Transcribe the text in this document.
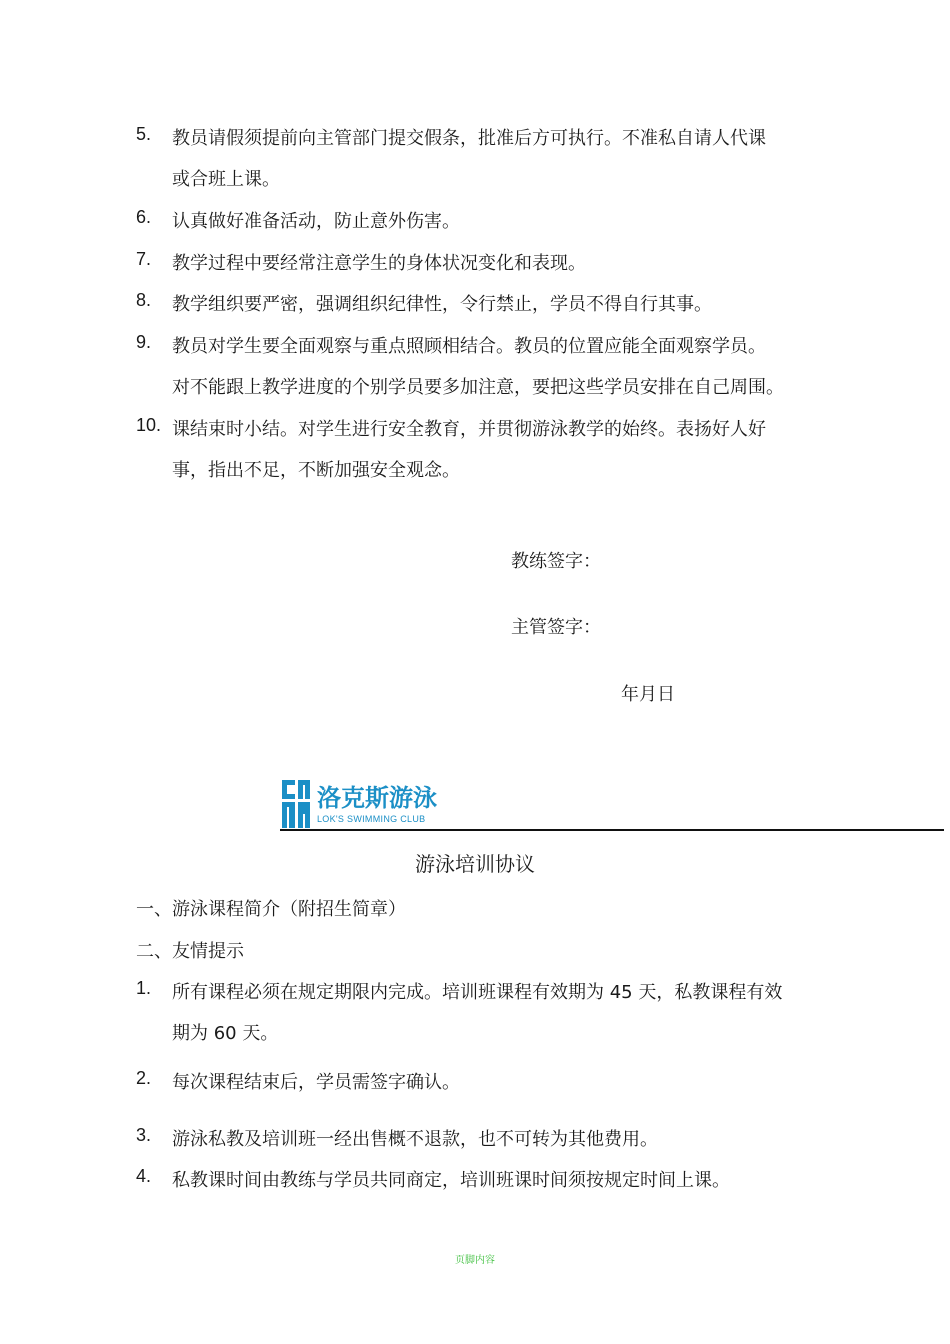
5. 教员请假须提前向主管部门提交假条，批准后方可执行。不准私自请人代课
或合班上课。
6. 认真做好准备活动，防止意外伤害。
7. 教学过程中要经常注意学生的身体状况变化和表现。
8. 教学组织要严密，强调组织纪律性，令行禁止，学员不得自行其事。
9. 教员对学生要全面观察与重点照顾相结合。教员的位置应能全面观察学员。
对不能跟上教学进度的个别学员要多加注意，要把这些学员安排在自己周围。
10. 课结束时小结。对学生进行安全教育，并贯彻游泳教学的始终。表扬好人好
事，指出不足，不断加强安全观念。
教练签字：
主管签字：
年月日
洛克斯游泳
LOK'S SWIMMING CLUB
游泳培训协议
一、游泳课程简介（附招生简章）
二、友情提示
1. 所有课程必须在规定期限内完成。培训班课程有效期为 45 天，私教课程有效
期为 60 天。
2. 每次课程结束后，学员需签字确认。
3. 游泳私教及培训班一经出售概不退款，也不可转为其他费用。
4. 私教课时间由教练与学员共同商定，培训班课时间须按规定时间上课。
页脚内容
